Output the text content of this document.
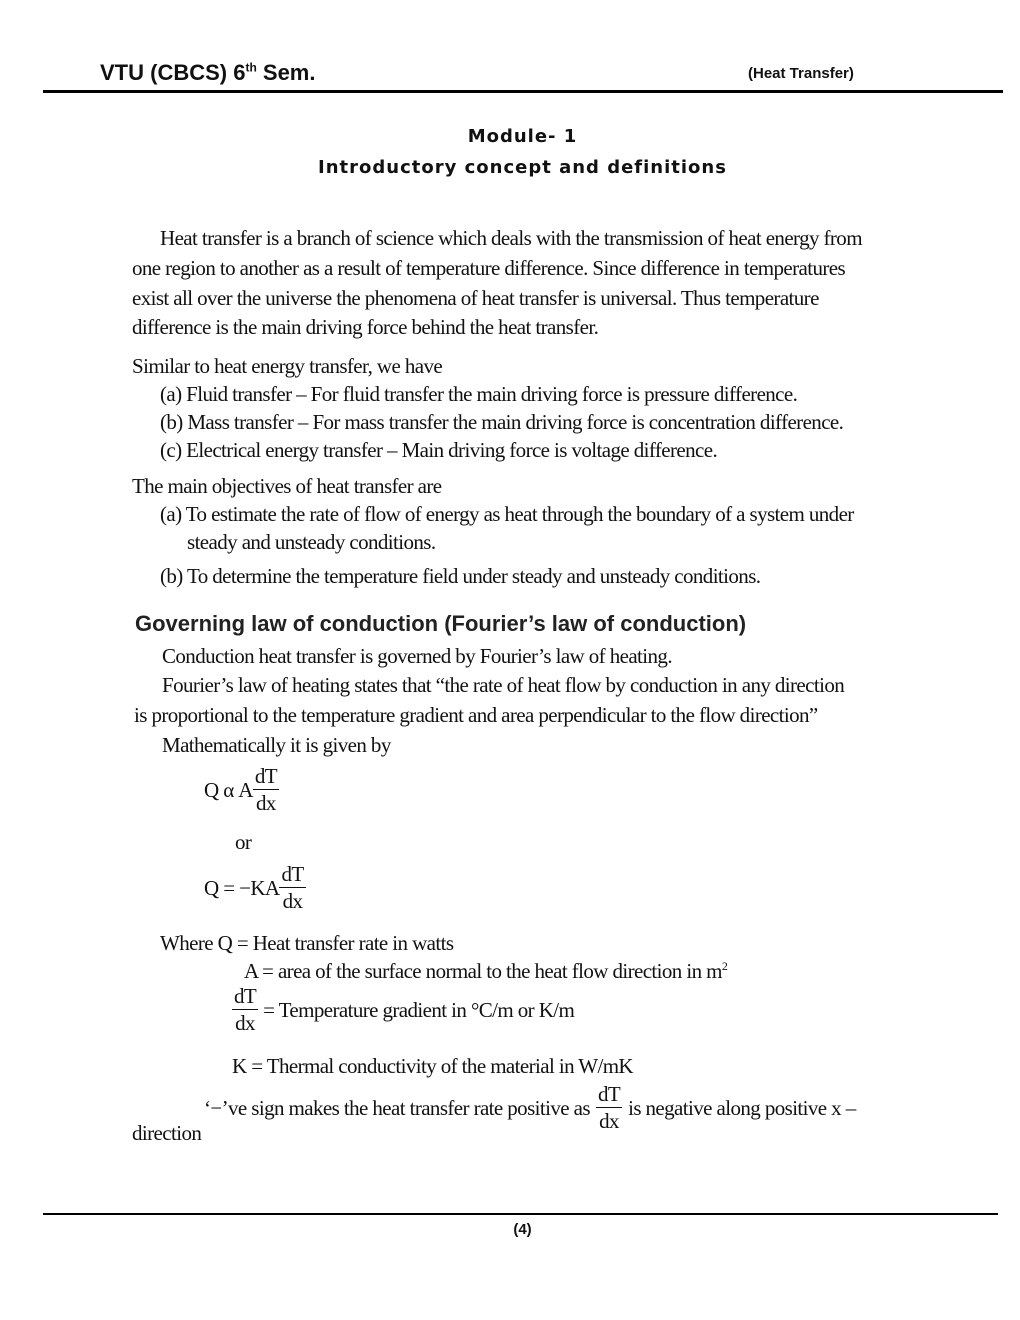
VTU (CBCS) 6th Sem.	(Heat Transfer)
Module- 1
Introductory concept and definitions
Heat transfer is a branch of science which deals with the transmission of heat energy from
one region to another as a result of temperature difference. Since difference in temperatures
exist all over the universe the phenomena of heat transfer is universal. Thus temperature
difference is the main driving force behind the heat transfer.
Similar to heat energy transfer, we have
(a) Fluid transfer – For fluid transfer the main driving force is pressure difference.
(b) Mass transfer – For mass transfer the main driving force is concentration difference.
(c) Electrical energy transfer – Main driving force is voltage difference.
The main objectives of heat transfer are
(a) To estimate the rate of flow of energy as heat through the boundary of a system under
steady and unsteady conditions.
(b) To determine the temperature field under steady and unsteady conditions.
Governing law of conduction (Fourier’s law of conduction)
Conduction heat transfer is governed by Fourier’s law of heating.
Fourier’s law of heating states that “the rate of heat flow by conduction in any direction
is proportional to the temperature gradient and area perpendicular to the flow direction”
Mathematically it is given by
Q α A $\frac{dT}{dx}$
or
$Q = -KA \frac{dT}{dx}$
Where Q = Heat transfer rate in watts
A = area of the surface normal to the heat flow direction in $m^2$
$\frac{dT}{dx}$ = Temperature gradient in °C/m or K/m
K = Thermal conductivity of the material in W/mK
‘−’ve sign makes the heat transfer rate positive as $\frac{dT}{dx}$ is negative along positive x –
direction
(4)
